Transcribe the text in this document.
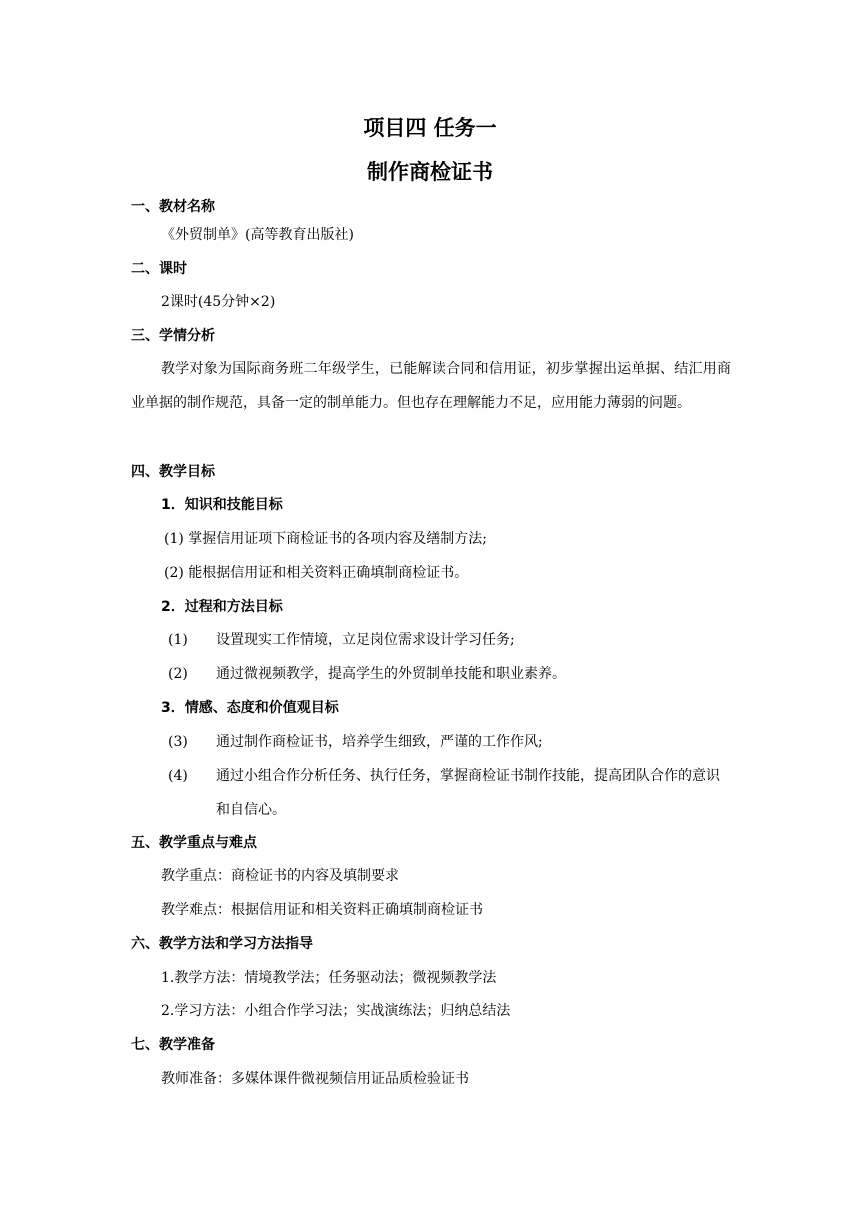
项目四 任务一
制作商检证书
一、教材名称
《外贸制单》(高等教育出版社)
二、课时
2课时(45分钟×2)
三、学情分析
教学对象为国际商务班二年级学生，已能解读合同和信用证，初步掌握出运单据、结汇用商业单据的制作规范，具备一定的制单能力。但也存在理解能力不足，应用能力薄弱的问题。
四、教学目标
1．知识和技能目标
(1) 掌握信用证项下商检证书的各项内容及缮制方法;
(2) 能根据信用证和相关资料正确填制商检证书。
2．过程和方法目标
(1) 设置现实工作情境，立足岗位需求设计学习任务;
(2) 通过微视频教学，提高学生的外贸制单技能和职业素养。
3．情感、态度和价值观目标
(3) 通过制作商检证书，培养学生细致，严谨的工作作风;
(4) 通过小组合作分析任务、执行任务，掌握商检证书制作技能，提高团队合作的意识和自信心。
五、教学重点与难点
教学重点：商检证书的内容及填制要求
教学难点：根据信用证和相关资料正确填制商检证书
六、教学方法和学习方法指导
1.教学方法：情境教学法；任务驱动法；微视频教学法
2.学习方法：小组合作学习法；实战演练法；归纳总结法
七、教学准备
教师准备：多媒体课件微视频信用证品质检验证书
